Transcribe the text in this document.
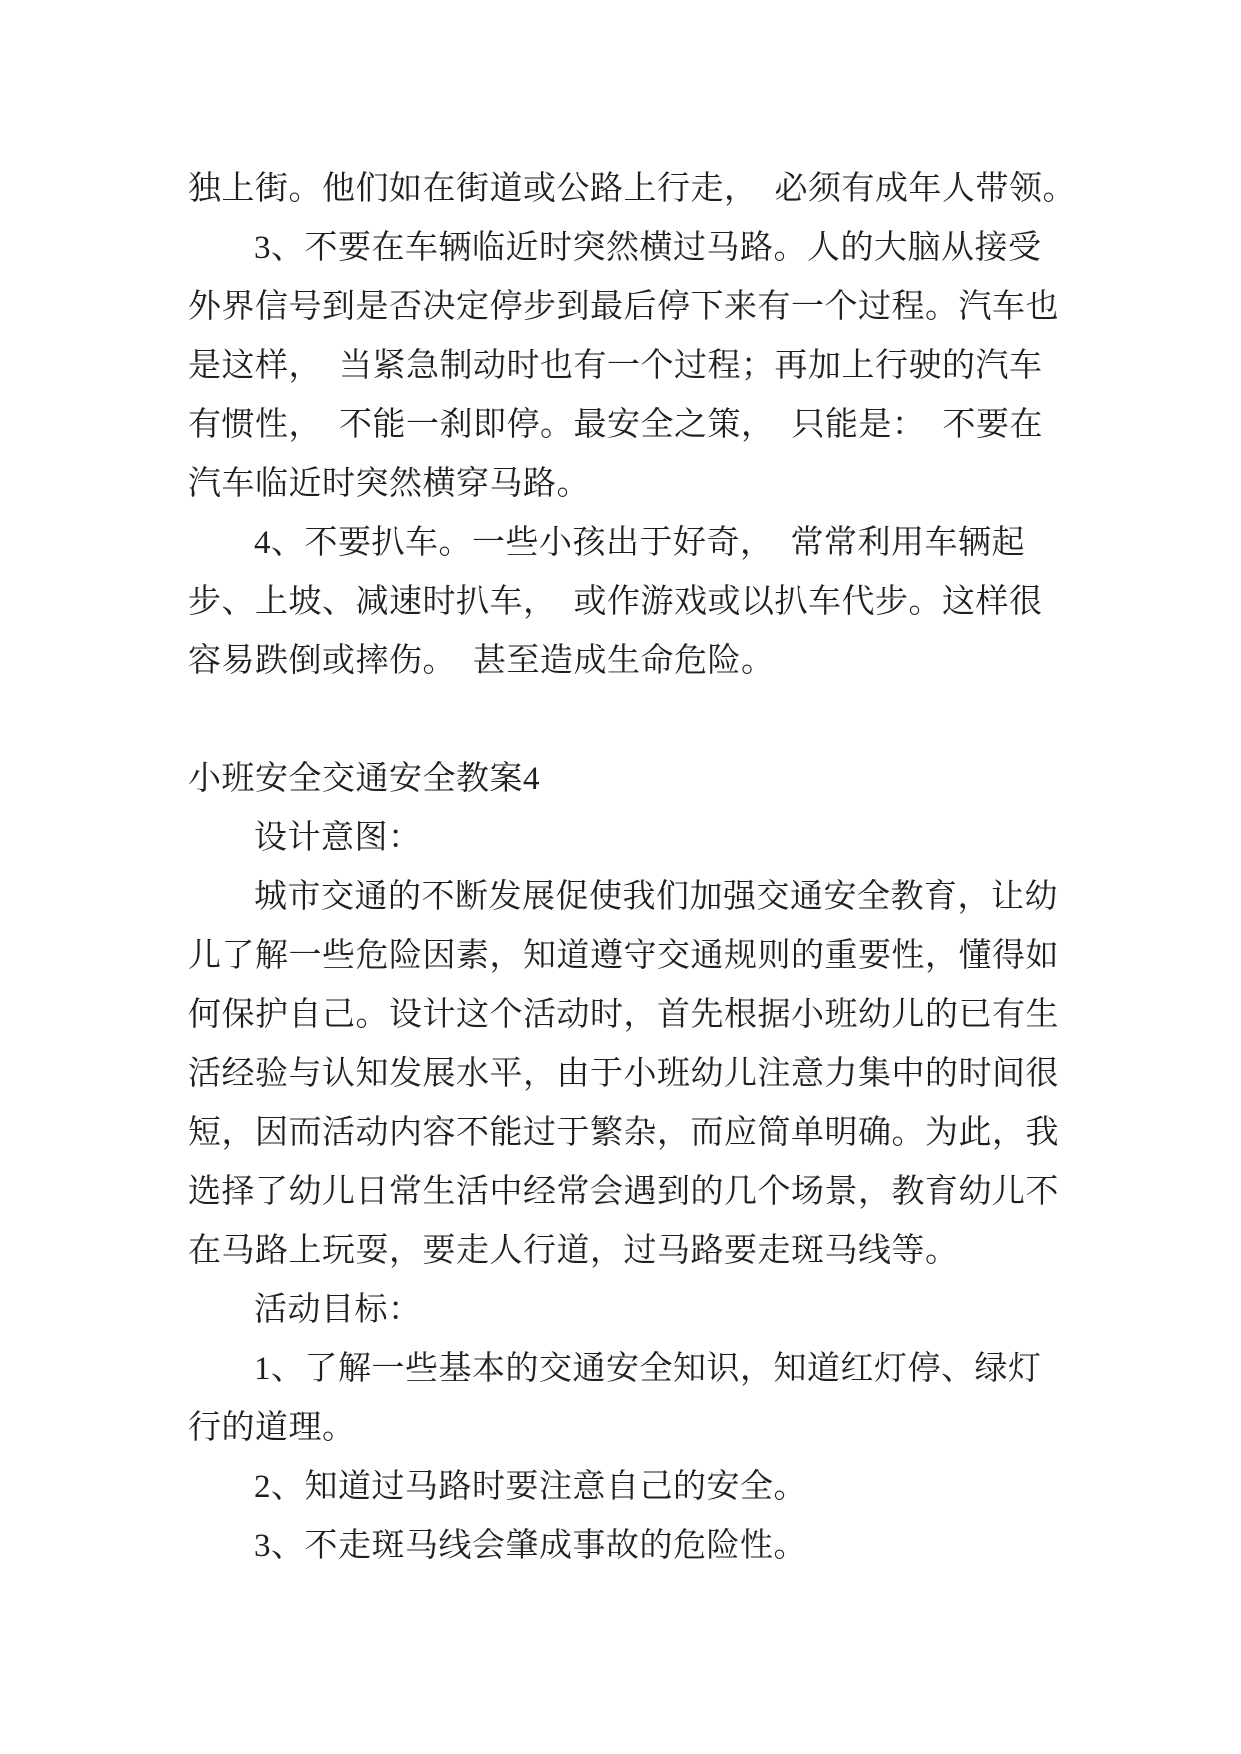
独上街。他们如在街道或公路上行走，　必须有成年人带领。
3、不要在车辆临近时突然横过马路。人的大脑从接受
外界信号到是否决定停步到最后停下来有一个过程。汽车也
是这样，　当紧急制动时也有一个过程；再加上行驶的汽车
有惯性，　不能一刹即停。最安全之策，　只能是：　不要在
汽车临近时突然横穿马路。
4、不要扒车。一些小孩出于好奇，　常常利用车辆起
步、上坡、减速时扒车，　或作游戏或以扒车代步。这样很
容易跌倒或摔伤。　甚至造成生命危险。

小班安全交通安全教案4
设计意图：
城市交通的不断发展促使我们加强交通安全教育，让幼
儿了解一些危险因素，知道遵守交通规则的重要性，懂得如
何保护自己。设计这个活动时，首先根据小班幼儿的已有生
活经验与认知发展水平，由于小班幼儿注意力集中的时间很
短，因而活动内容不能过于繁杂，而应简单明确。为此，我
选择了幼儿日常生活中经常会遇到的几个场景，教育幼儿不
在马路上玩耍，要走人行道，过马路要走斑马线等。
活动目标：
1、了解一些基本的交通安全知识，知道红灯停、绿灯
行的道理。
2、知道过马路时要注意自己的安全。
3、不走斑马线会肇成事故的危险性。
